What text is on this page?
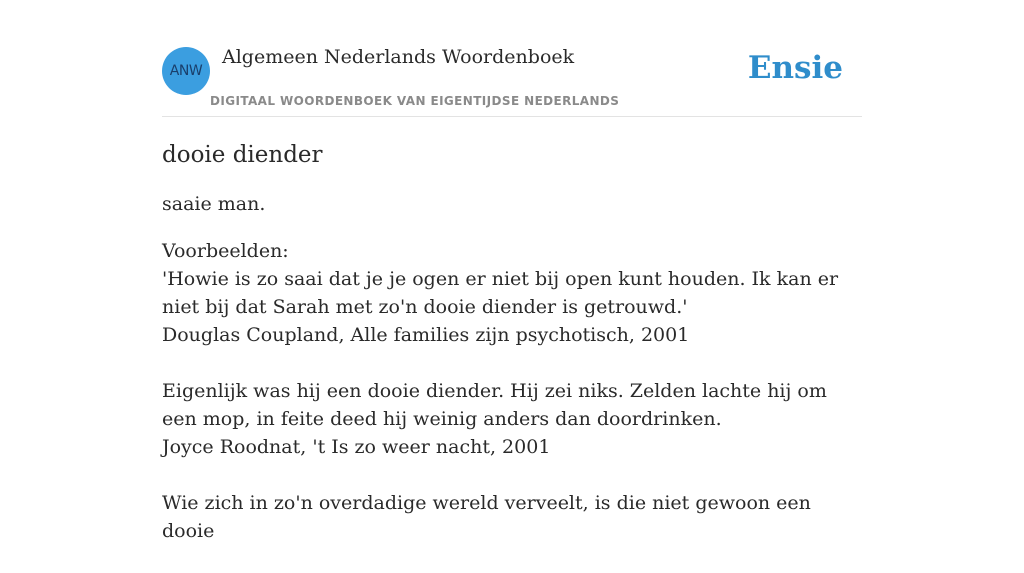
ANW
Algemeen Nederlands Woordenboek
DIGITAAL WOORDENBOEK VAN EIGENTIJDSE NEDERLANDS
Ensie
dooie diender

saaie man.

Voorbeelden:
'Howie is zo saai dat je je ogen er niet bij open kunt houden. Ik kan er niet bij dat Sarah met zo'n dooie diender is getrouwd.'
Douglas Coupland, Alle families zijn psychotisch, 2001
Eigenlijk was hij een dooie diender. Hij zei niks. Zelden lachte hij om een mop, in feite deed hij weinig anders dan doordrinken.
Joyce Roodnat, 't Is zo weer nacht, 2001
Wie zich in zo'n overdadige wereld verveelt, is die niet gewoon een dooie
